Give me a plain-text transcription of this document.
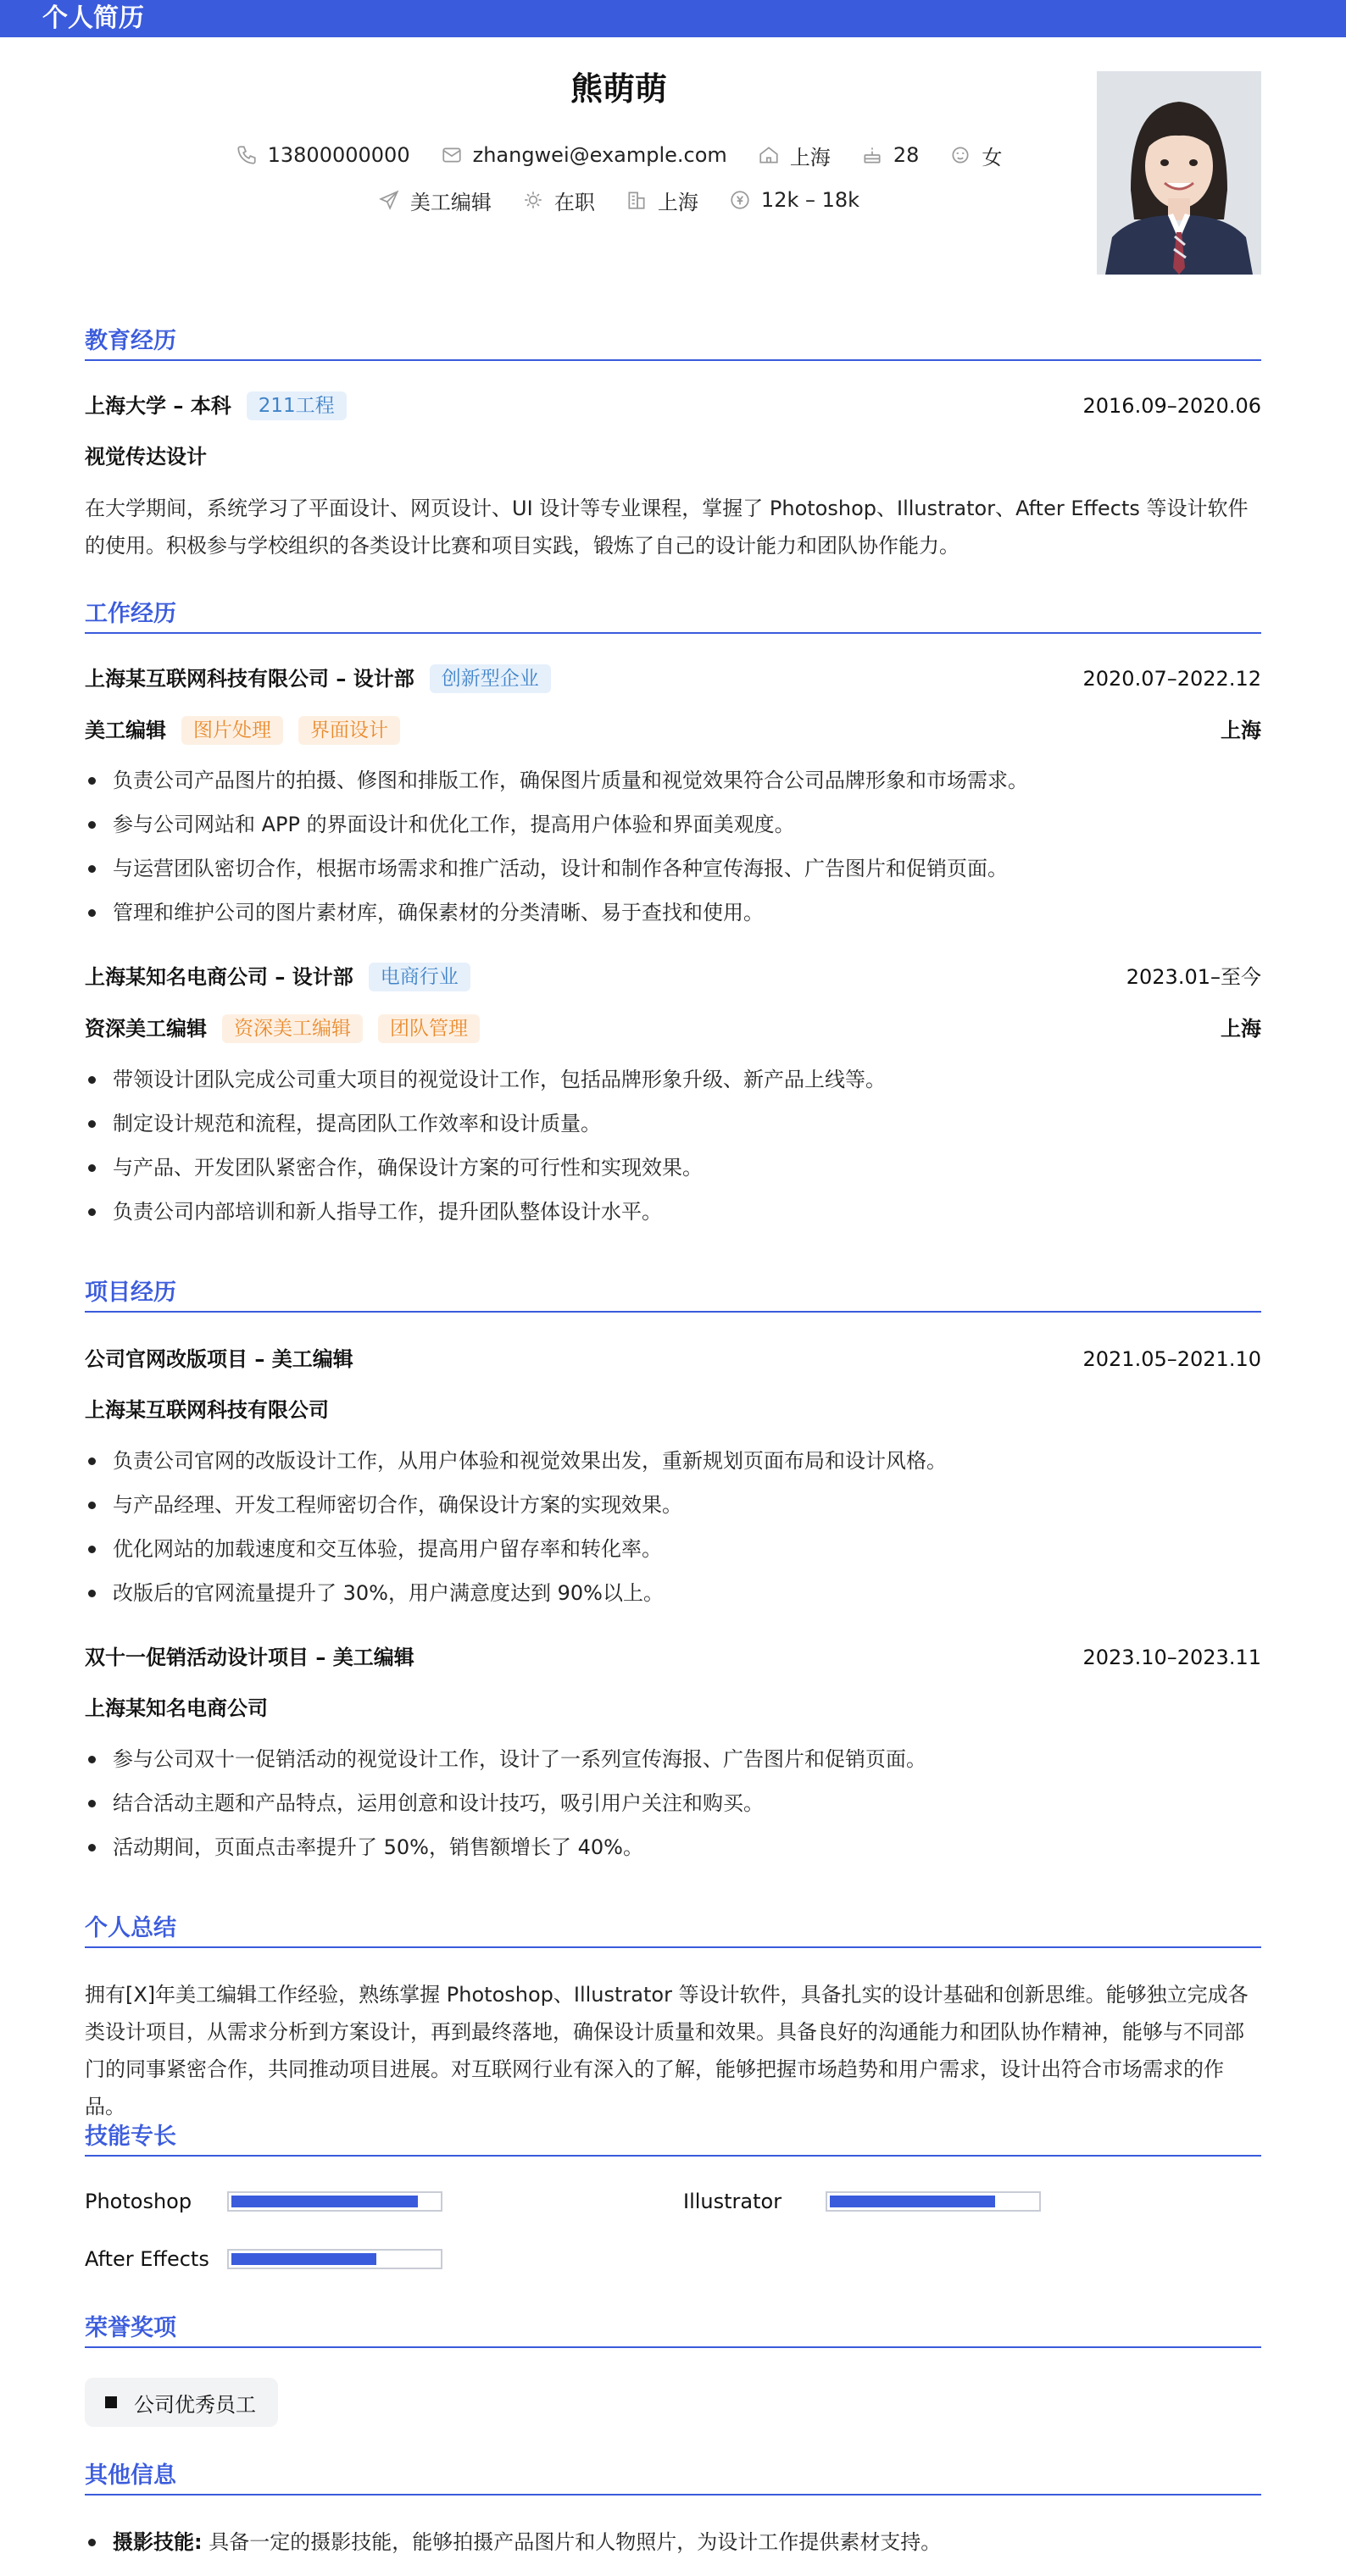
个人简历
熊萌萌
13800000000	zhangwei@example.com	上海	28	女
美工编辑	在职	上海	12k – 18k
教育经历
上海大学 – 本科	211工程	2016.09–2020.06
视觉传达设计
在大学期间，系统学习了平面设计、网页设计、UI 设计等专业课程，掌握了 Photoshop、Illustrator、After Effects 等设计软件的使用。积极参与学校组织的各类设计比赛和项目实践，锻炼了自己的设计能力和团队协作能力。
工作经历
上海某互联网科技有限公司 – 设计部	创新型企业	2020.07–2022.12
美工编辑	图片处理	界面设计	上海
负责公司产品图片的拍摄、修图和排版工作，确保图片质量和视觉效果符合公司品牌形象和市场需求。
参与公司网站和 APP 的界面设计和优化工作，提高用户体验和界面美观度。
与运营团队密切合作，根据市场需求和推广活动，设计和制作各种宣传海报、广告图片和促销页面。
管理和维护公司的图片素材库，确保素材的分类清晰、易于查找和使用。
上海某知名电商公司 – 设计部	电商行业	2023.01–至今
资深美工编辑	资深美工编辑	团队管理	上海
带领设计团队完成公司重大项目的视觉设计工作，包括品牌形象升级、新产品上线等。
制定设计规范和流程，提高团队工作效率和设计质量。
与产品、开发团队紧密合作，确保设计方案的可行性和实现效果。
负责公司内部培训和新人指导工作，提升团队整体设计水平。
项目经历
公司官网改版项目 – 美工编辑	2021.05–2021.10
上海某互联网科技有限公司
负责公司官网的改版设计工作，从用户体验和视觉效果出发，重新规划页面布局和设计风格。
与产品经理、开发工程师密切合作，确保设计方案的实现效果。
优化网站的加载速度和交互体验，提高用户留存率和转化率。
改版后的官网流量提升了 30%，用户满意度达到 90%以上。
双十一促销活动设计项目 – 美工编辑	2023.10–2023.11
上海某知名电商公司
参与公司双十一促销活动的视觉设计工作，设计了一系列宣传海报、广告图片和促销页面。
结合活动主题和产品特点，运用创意和设计技巧，吸引用户关注和购买。
活动期间，页面点击率提升了 50%，销售额增长了 40%。
个人总结
拥有[X]年美工编辑工作经验，熟练掌握 Photoshop、Illustrator 等设计软件，具备扎实的设计基础和创新思维。能够独立完成各类设计项目，从需求分析到方案设计，再到最终落地，确保设计质量和效果。具备良好的沟通能力和团队协作精神，能够与不同部门的同事紧密合作，共同推动项目进展。对互联网行业有深入的了解，能够把握市场趋势和用户需求，设计出符合市场需求的作品。
技能专长
Photoshop	Illustrator
After Effects
荣誉奖项
公司优秀员工
其他信息
摄影技能: 具备一定的摄影技能，能够拍摄产品图片和人物照片，为设计工作提供素材支持。
